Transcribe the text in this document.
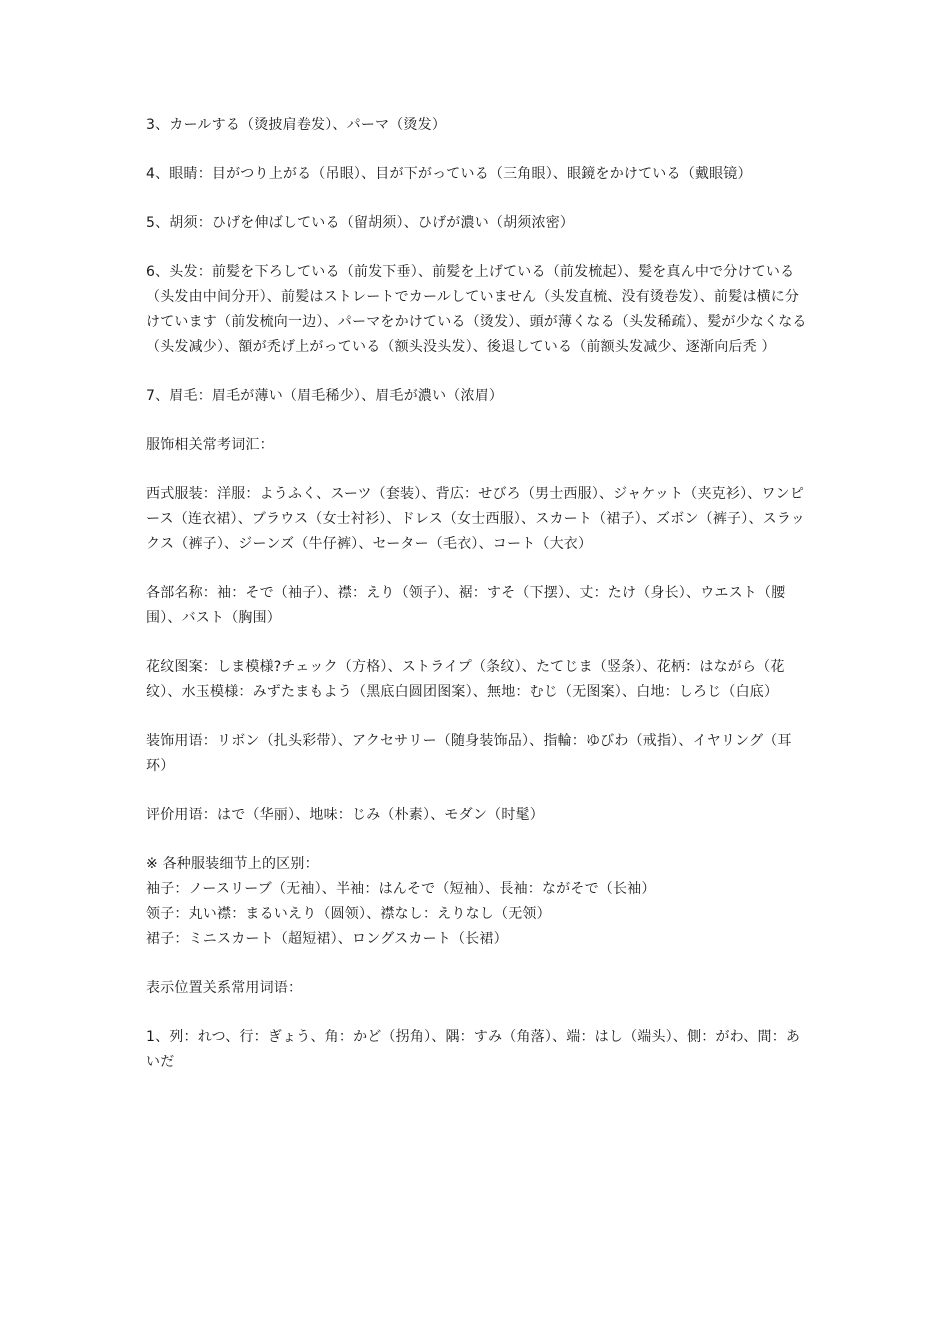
3、カールする（烫披肩卷发）、パーマ（烫发）

4、眼睛：目がつり上がる（吊眼）、目が下がっている（三角眼）、眼鏡をかけている（戴眼镜）

5、胡须：ひげを伸ばしている（留胡须）、ひげが濃い（胡须浓密）

6、头发：前髪を下ろしている（前发下垂）、前髪を上げている（前发梳起）、髪を真ん中で分けている（头发由中间分开）、前髪はストレートでカールしていません（头发直梳、没有烫卷发）、前髪は横に分けています（前发梳向一边）、パーマをかけている（烫发）、頭が薄くなる（头发稀疏）、髪が少なくなる（头发减少）、額が禿げ上がっている（额头没头发）、後退している（前额头发减少、逐渐向后秃 ）

7、眉毛：眉毛が薄い（眉毛稀少）、眉毛が濃い（浓眉）

服饰相关常考词汇：

西式服装：洋服：ようふく、スーツ（套装）、背広：せびろ（男士西服）、ジャケット（夹克衫）、ワンピース（连衣裙）、ブラウス（女士衬衫）、ドレス（女士西服）、スカート（裙子）、ズボン（裤子）、スラックス（裤子）、ジーンズ（牛仔裤）、セーター（毛衣）、コート（大衣）

各部名称：袖：そで（袖子）、襟：えり（领子）、裾：すそ（下摆）、丈：たけ（身长）、ウエスト（腰围）、バスト（胸围）

花纹图案：しま模様?チェック（方格）、ストライプ（条纹）、たてじま（竖条）、花柄：はながら（花纹）、水玉模様：みずたまもよう（黑底白圆团图案）、無地：むじ（无图案）、白地：しろじ（白底）

装饰用语：リボン（扎头彩带）、アクセサリー（随身装饰品）、指輪：ゆびわ（戒指）、イヤリング（耳环）

评价用语：はで（华丽）、地味：じみ（朴素）、モダン（时髦）

※ 各种服装细节上的区别：

袖子：ノースリーブ（无袖）、半袖：はんそで（短袖）、長袖：ながそで（长袖）

领子：丸い襟：まるいえり（圆领）、襟なし：えりなし（无领）

裙子：ミニスカート（超短裙）、ロングスカート（长裙）

表示位置关系常用词语：

1、列：れつ、行：ぎょう、角：かど（拐角）、隅：すみ（角落）、端：はし（端头）、側：がわ、間：あいだ
